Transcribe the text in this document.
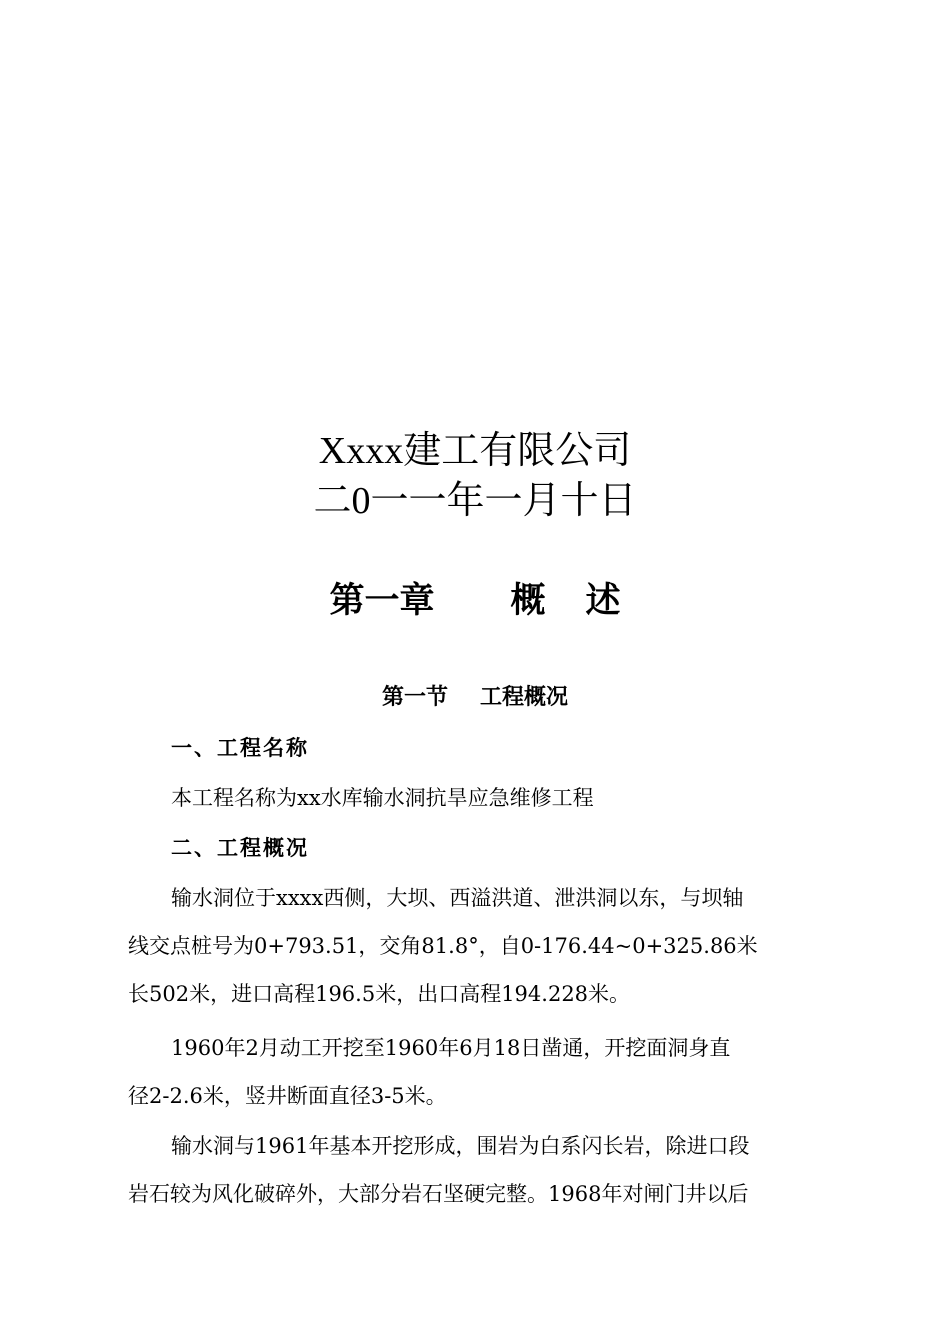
Xxxx建工有限公司
二0一一年一月十日
第一章 概 述
第一节 工程概况
一、工程名称
本工程名称为xx水库输水洞抗旱应急维修工程
二、工程概况
输水洞位于xxxx西侧，大坝、西溢洪道、泄洪洞以东，与坝轴
线交点桩号为0+793.51，交角81.8°，自0-176.44~0+325.86米
长502米，进口高程196.5米，出口高程194.228米。
1960年2月动工开挖至1960年6月18日凿通，开挖面洞身直
径2-2.6米，竖井断面直径3-5米。
输水洞与1961年基本开挖形成，围岩为白系闪长岩，除进口段
岩石较为风化破碎外，大部分岩石坚硬完整。1968年对闸门井以后
